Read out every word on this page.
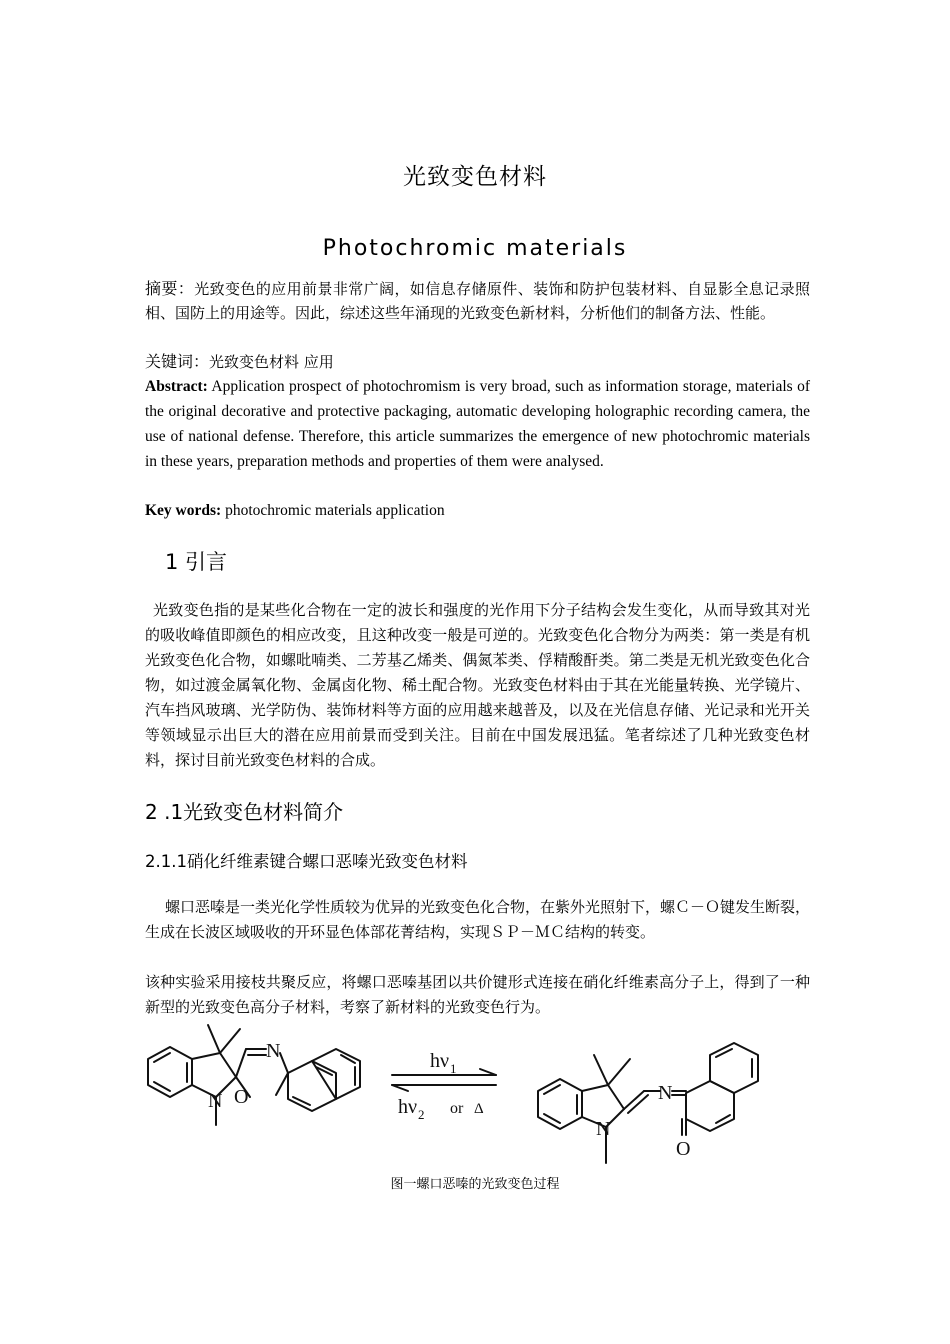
光致变色材料
Photochromic materials
摘要：光致变色的应用前景非常广阔，如信息存储原件、装饰和防护包装材料、自显影全息记录照相、国防上的用途等。因此，综述这些年涌现的光致变色新材料，分析他们的制备方法、性能。
关键词：光致变色材料 应用
Abstract: Application prospect of photochromism is very broad, such as information storage, materials of the original decorative and protective packaging, automatic developing holographic recording camera, the use of national defense. Therefore, this article summarizes the emergence of new photochromic materials in these years, preparation methods and properties of them were analysed.
Key words: photochromic materials application
1 引言
光致变色指的是某些化合物在一定的波长和强度的光作用下分子结构会发生变化，从而导致其对光的吸收峰值即颜色的相应改变，且这种改变一般是可逆的。光致变色化合物分为两类：第一类是有机光致变色化合物，如螺吡喃类、二芳基乙烯类、偶氮苯类、俘精酸酐类。第二类是无机光致变色化合物，如过渡金属氧化物、金属卤化物、稀土配合物。光致变色材料由于其在光能量转换、光学镜片、汽车挡风玻璃、光学防伪、装饰材料等方面的应用越来越普及，以及在光信息存储、光记录和光开关等领域显示出巨大的潜在应用前景而受到关注。目前在中国发展迅猛。笔者综述了几种光致变色材料，探讨目前光致变色材料的合成。
2 .1光致变色材料简介
2.1.1硝化纤维素键合螺口恶嗪光致变色材料
螺口恶嗪是一类光化学性质较为优异的光致变色化合物，在紫外光照射下，螺Ｃ－Ｏ键发生断裂，生成在长波区域吸收的开环显色体部花菁结构，实现ＳＰ－ＭＣ结构的转变。
该种实验采用接枝共聚反应，将螺口恶嗪基团以共价键形式连接在硝化纤维素高分子上，得到了一种新型的光致变色高分子材料，考察了新材料的光致变色行为。
N O
N	hν 1
hν 2 or Δ
N
N
O
图一螺口恶嗪的光致变色过程
